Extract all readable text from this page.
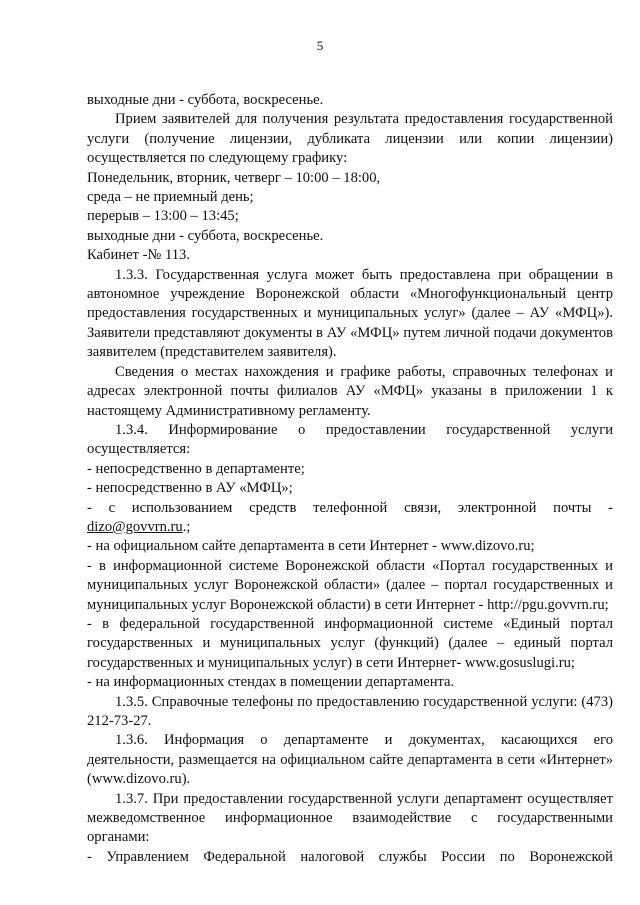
5

выходные дни - суббота, воскресенье.

Прием заявителей для получения результата предоставления государственной услуги (получение лицензии, дубликата лицензии или копии лицензии) осуществляется по следующему графику:

Понедельник, вторник, четверг – 10:00 – 18:00,

среда – не приемный день;

перерыв – 13:00 – 13:45;

выходные дни - суббота, воскресенье.

Кабинет -№ 113.

1.3.3. Государственная услуга может быть предоставлена при обращении в автономное учреждение Воронежской области «Многофункциональный центр предоставления государственных и муниципальных услуг» (далее – АУ «МФЦ»). Заявители представляют документы в АУ «МФЦ» путем личной подачи документов заявителем (представителем заявителя).

Сведения о местах нахождения и графике работы, справочных телефонах и адресах электронной почты филиалов АУ «МФЦ» указаны в приложении 1 к настоящему Административному регламенту.

1.3.4. Информирование о предоставлении государственной услуги осуществляется:

- непосредственно в департаменте;

- непосредственно в АУ «МФЦ»;

- с использованием средств телефонной связи, электронной почты -

dizo@govvrn.ru.;

- на официальном сайте департамента в сети Интернет - www.dizovo.ru;

- в информационной системе Воронежской области «Портал государственных и муниципальных услуг Воронежской области» (далее – портал государственных и муниципальных услуг Воронежской области) в сети Интернет - http://pgu.govvrn.ru;

- в федеральной государственной информационной системе «Единый портал государственных и муниципальных услуг (функций) (далее – единый портал государственных и муниципальных услуг) в сети Интернет- www.gosuslugi.ru;

- на информационных стендах в помещении департамента.

1.3.5. Справочные телефоны по предоставлению государственной услуги: (473) 212-73-27.

1.3.6. Информация о департаменте и документах, касающихся его деятельности, размещается на официальном сайте департамента в сети «Интернет» (www.dizovo.ru).

1.3.7. При предоставлении государственной услуги департамент осуществляет межведомственное информационное взаимодействие с государственными органами:

- Управлением Федеральной налоговой службы России по Воронежской
